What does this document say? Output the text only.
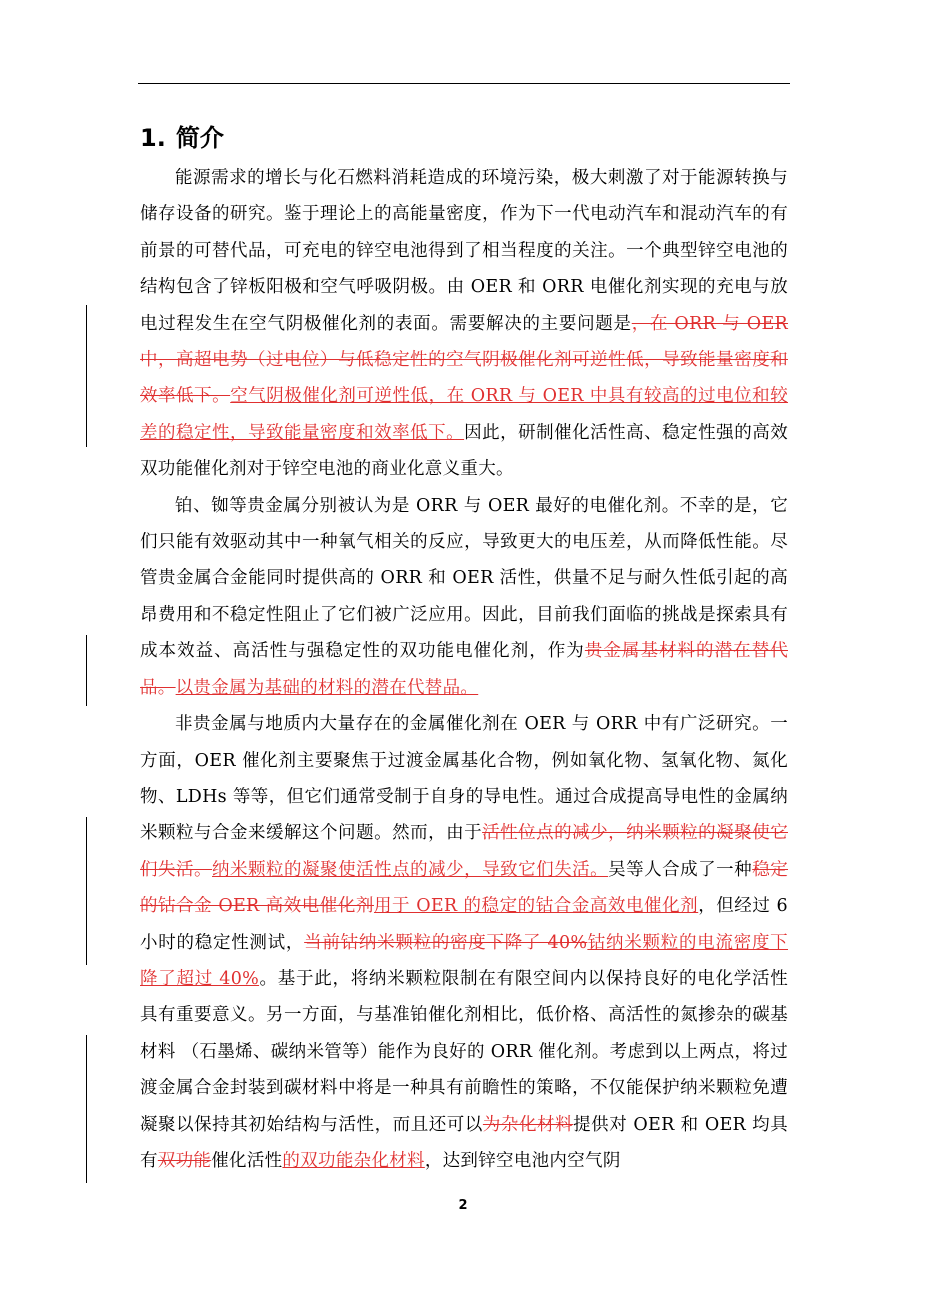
1. 简介

能源需求的增长与化石燃料消耗造成的环境污染，极大刺激了对于能源转换与储存设备的研究。鉴于理论上的高能量密度，作为下一代电动汽车和混动汽车的有前景的可替代品，可充电的锌空电池得到了相当程度的关注。一个典型锌空电池的结构包含了锌板阳极和空气呼吸阴极。由 OER 和 ORR 电催化剂实现的充电与放电过程发生在空气阴极催化剂的表面。需要解决的主要问题是，在 ORR 与 OER 中，高超电势（过电位）与低稳定性的空气阴极催化剂可逆性低，导致能量密度和效率低下。空气阴极催化剂可逆性低，在 ORR 与 OER 中具有较高的过电位和较差的稳定性，导致能量密度和效率低下。因此，研制催化活性高、稳定性强的高效双功能催化剂对于锌空电池的商业化意义重大。

铂、铷等贵金属分别被认为是 ORR 与 OER 最好的电催化剂。不幸的是，它们只能有效驱动其中一种氧气相关的反应，导致更大的电压差，从而降低性能。尽管贵金属合金能同时提供高的 ORR 和 OER 活性，供量不足与耐久性低引起的高昂费用和不稳定性阻止了它们被广泛应用。因此，目前我们面临的挑战是探索具有成本效益、高活性与强稳定性的双功能电催化剂，作为贵金属基材料的潜在替代品。以贵金属为基础的材料的潜在代替品。

非贵金属与地质内大量存在的金属催化剂在 OER 与 ORR 中有广泛研究。一方面，OER 催化剂主要聚焦于过渡金属基化合物，例如氧化物、氢氧化物、氮化物、LDHs 等等，但它们通常受制于自身的导电性。通过合成提高导电性的金属纳米颗粒与合金来缓解这个问题。然而，由于活性位点的减少，纳米颗粒的凝聚使它们失活。纳米颗粒的凝聚使活性点的减少，导致它们失活。吴等人合成了一种稳定的钴合金 OER 高效电催化剂用于 OER 的稳定的钴合金高效电催化剂，但经过 6 小时的稳定性测试，当前钴纳米颗粒的密度下降了 40%钴纳米颗粒的电流密度下降了超过 40%。基于此，将纳米颗粒限制在有限空间内以保持良好的电化学活性具有重要意义。另一方面，与基准铂催化剂相比，低价格、高活性的氮掺杂的碳基材料 （石墨烯、碳纳米管等）能作为良好的 ORR 催化剂。考虑到以上两点，将过渡金属合金封装到碳材料中将是一种具有前瞻性的策略，不仅能保护纳米颗粒免遭凝聚以保持其初始结构与活性，而且还可以为杂化材料提供对 OER 和 OER 均具有双功能催化活性的双功能杂化材料，达到锌空电池内空气阴

2
